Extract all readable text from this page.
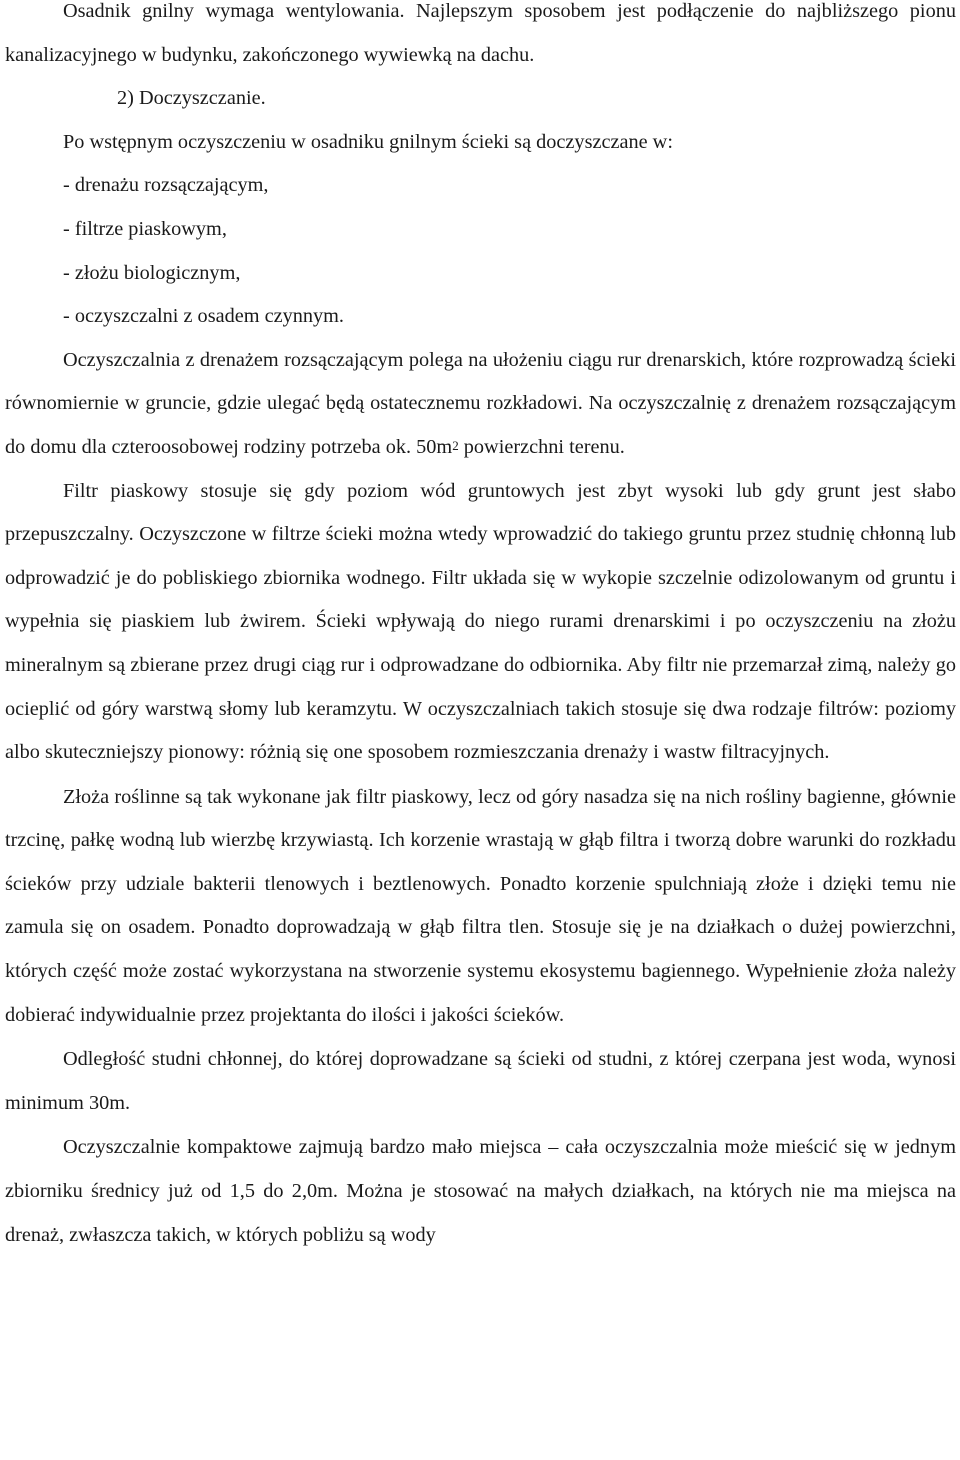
Osadnik gnilny wymaga wentylowania. Najlepszym sposobem jest podłączenie do najbliższego pionu kanalizacyjnego w budynku, zakończonego wywiewką na dachu.

2) Doczyszczanie.

Po wstępnym oczyszczeniu w osadniku gnilnym ścieki są doczyszczane w:

- drenażu rozsączającym,

- filtrze piaskowym,

- złożu biologicznym,

- oczyszczalni z osadem czynnym.

Oczyszczalnia z drenażem rozsączającym polega na ułożeniu ciągu rur drenarskich, które rozprowadzą ścieki równomiernie w gruncie, gdzie ulegać będą ostatecznemu rozkładowi. Na oczyszczalnię z drenażem rozsączającym do domu dla czteroosobowej rodziny potrzeba ok. $50m^2$ powierzchni terenu.

Filtr piaskowy stosuje się gdy poziom wód gruntowych jest zbyt wysoki lub gdy grunt jest słabo przepuszczalny. Oczyszczone w filtrze ścieki można wtedy wprowadzić do takiego gruntu przez studnię chłonną lub odprowadzić je do pobliskiego zbiornika wodnego. Filtr układa się w wykopie szczelnie odizolowanym od gruntu i wypełnia się piaskiem lub żwirem. Ścieki wpływają do niego rurami drenarskimi i po oczyszczeniu na złożu mineralnym są zbierane przez drugi ciąg rur i odprowadzane do odbiornika. Aby filtr nie przemarzał zimą, należy go ocieplić od góry warstwą słomy lub keramzytu. W oczyszczalniach takich stosuje się dwa rodzaje filtrów: poziomy albo skuteczniejszy pionowy: różnią się one sposobem rozmieszczania drenaży i wastw filtracyjnych.

Złoża roślinne są tak wykonane jak filtr piaskowy, lecz od góry nasadza się na nich rośliny bagienne, głównie trzcinę, pałkę wodną lub wierzbę krzywiastą. Ich korzenie wrastają w głąb filtra i tworzą dobre warunki do rozkładu ścieków przy udziale bakterii tlenowych i beztlenowych. Ponadto korzenie spulchniają złoże i dzięki temu nie zamula się on osadem. Ponadto doprowadzają w głąb filtra tlen. Stosuje się je na działkach o dużej powierzchni, których część może zostać wykorzystana na stworzenie systemu ekosystemu bagiennego. Wypełnienie złoża należy dobierać indywidualnie przez projektanta do ilości i jakości ścieków.

Odległość studni chłonnej, do której doprowadzane są ścieki od studni, z której czerpana jest woda, wynosi minimum 30m.

Oczyszczalnie kompaktowe zajmują bardzo mało miejsca – cała oczyszczalnia może mieścić się w jednym zbiorniku średnicy już od 1,5 do 2,0m. Można je stosować na małych działkach, na których nie ma miejsca na drenaż, zwłaszcza takich, w których pobliżu są wody
